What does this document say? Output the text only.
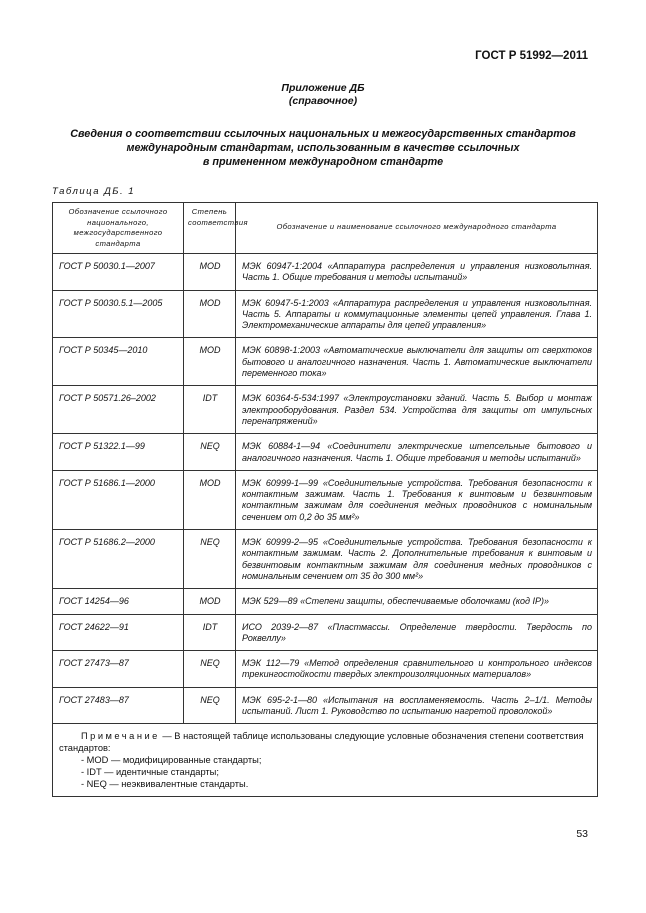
ГОСТ Р 51992—2011
Приложение ДБ
(справочное)
Сведения о соответствии ссылочных национальных и межгосударственных стандартов
международным стандартам, использованным в качестве ссылочных
в примененном международном стандарте
Таблица ДБ. 1
Обозначение ссылочного национального, межгосударственного стандарта	Степень соответствия	Обозначение и наименование ссылочного международного стандарта
ГОСТ Р 50030.1—2007	MOD	МЭК 60947-1:2004 «Аппаратура распределения и управления низковольтная. Часть 1. Общие требования и методы испытаний»
ГОСТ Р 50030.5.1—2005	MOD	МЭК 60947-5-1:2003 «Аппаратура распределения и управления низковольтная. Часть 5. Аппараты и коммутационные элементы цепей управления. Глава 1. Электромеханические аппараты для цепей управления»
ГОСТ Р 50345—2010	MOD	МЭК 60898-1:2003 «Автоматические выключатели для защиты от сверхтоков бытового и аналогичного назначения. Часть 1. Автоматические выключатели переменного тока»
ГОСТ Р 50571.26–2002	IDT	МЭК 60364-5-534:1997 «Электроустановки зданий. Часть 5. Выбор и монтаж электрооборудования. Раздел 534. Устройства для защиты от импульсных перенапряжений»
ГОСТ Р 51322.1—99	NEQ	МЭК 60884-1—94 «Соединители электрические штепсельные бытового и аналогичного назначения. Часть 1. Общие требования и методы испытаний»
ГОСТ Р 51686.1—2000	MOD	МЭК 60999-1—99 «Соединительные устройства. Требования безопасности к контактным зажимам. Часть 1. Требования к винтовым и безвинтовым контактным зажимам для соединения медных проводников с номинальным сечением от 0,2 до 35 мм²»
ГОСТ Р 51686.2—2000	NEQ	МЭК 60999-2—95 «Соединительные устройства. Требования безопасности к контактным зажимам. Часть 2. Дополнительные требования к винтовым и безвинтовым контактным зажимам для соединения медных проводников с номинальным сечением от 35 до 300 мм²»
ГОСТ 14254—96	MOD	МЭК 529—89 «Степени защиты, обеспечиваемые оболочками (код IP)»
ГОСТ 24622—91	IDT	ИСО 2039-2—87 «Пластмассы. Определение твердости. Твердость по Роквеллу»
ГОСТ 27473—87	NEQ	МЭК 112—79 «Метод определения сравнительного и контрольного индексов трекингостойкости твердых электроизоляционных материалов»
ГОСТ 27483—87	NEQ	МЭК 695-2-1—80 «Испытания на воспламеняемость. Часть 2–1/1. Методы испытаний. Лист 1. Руководство по испытанию нагретой проволокой»

Примечание — В настоящей таблице использованы следующие условные обозначения степени соответствия стандартов:
- MOD — модифицированные стандарты;
- IDT — идентичные стандарты;
- NEQ — неэквивалентные стандарты.		
53
